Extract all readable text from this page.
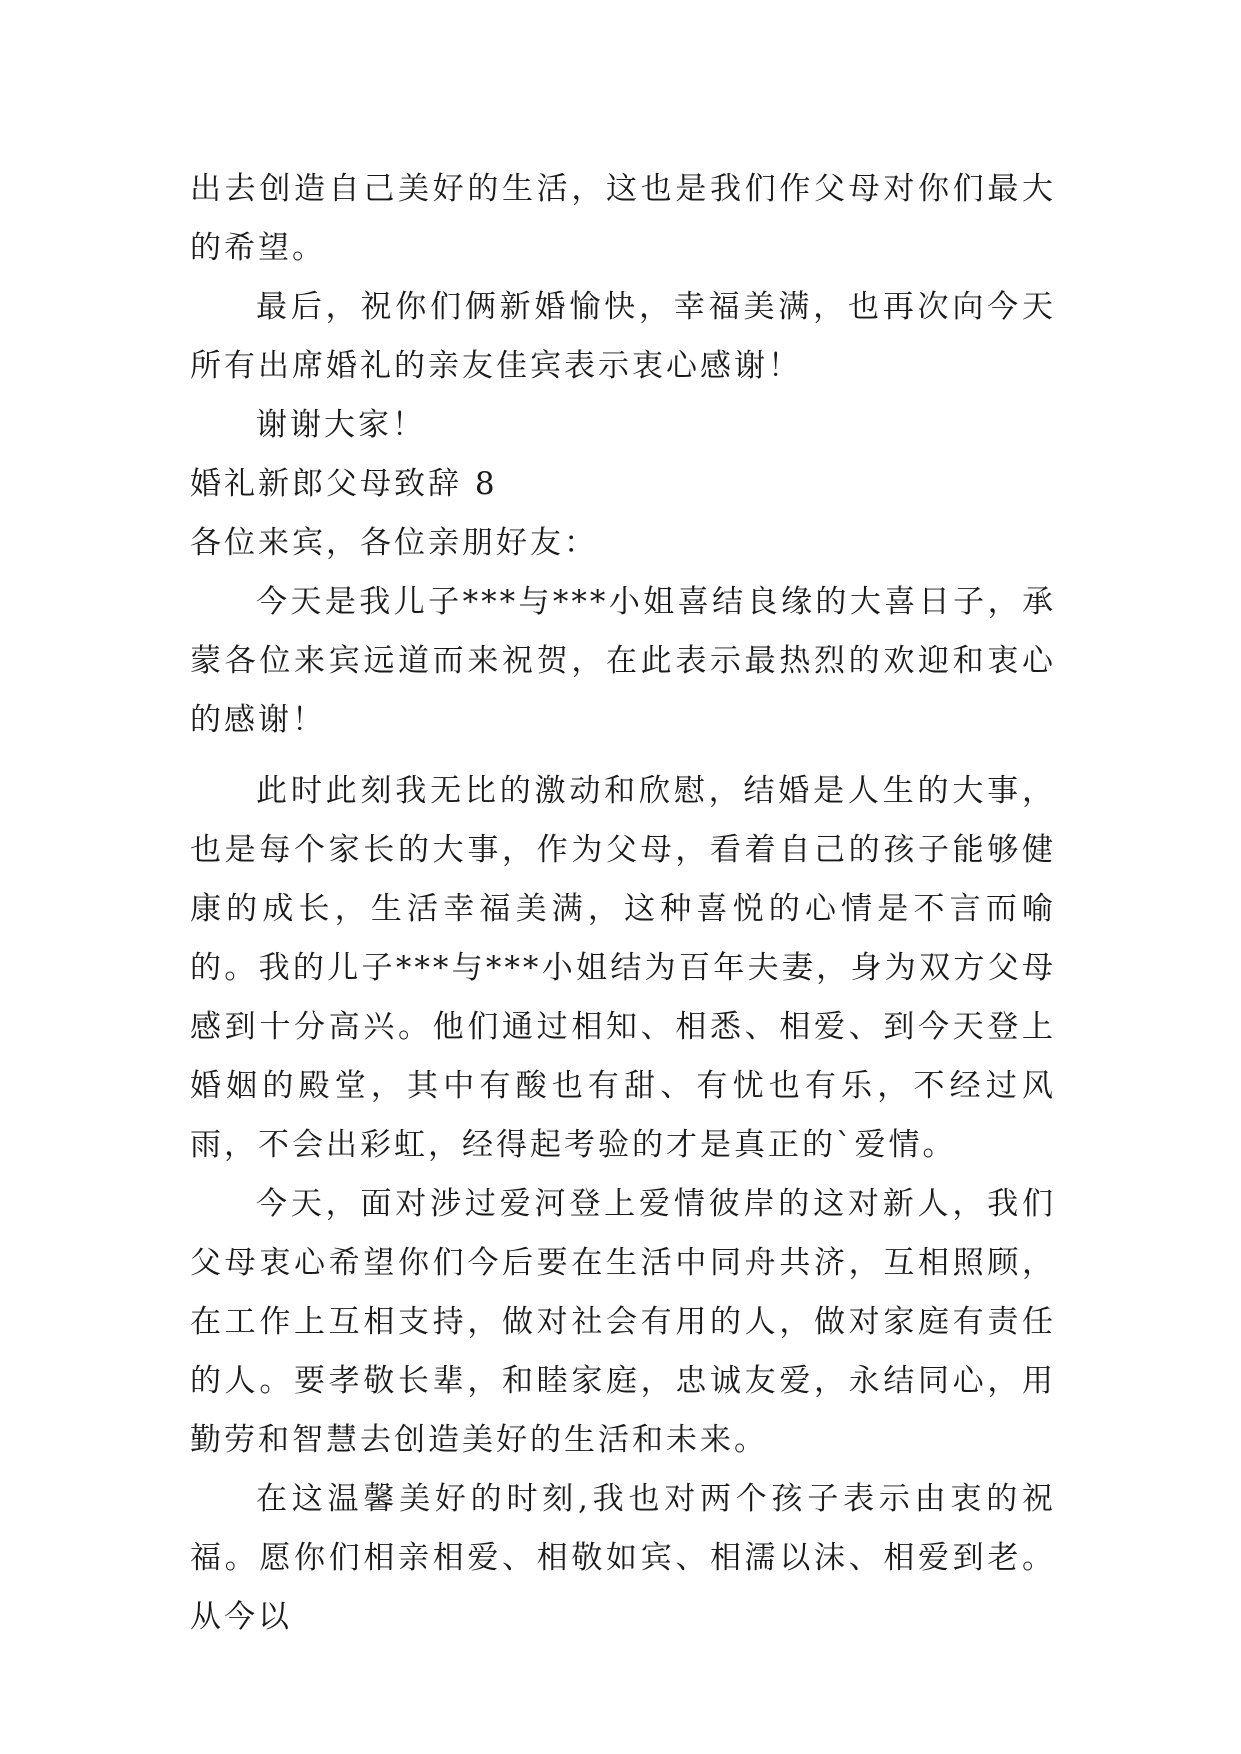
出去创造自己美好的生活，这也是我们作父母对你们最大的希望。

最后，祝你们俩新婚愉快，幸福美满，也再次向今天所有出席婚礼的亲友佳宾表示衷心感谢！

谢谢大家！

婚礼新郎父母致辞 8

各位来宾，各位亲朋好友：

今天是我儿子***与***小姐喜结良缘的大喜日子，承蒙各位来宾远道而来祝贺，在此表示最热烈的欢迎和衷心的感谢！

此时此刻我无比的激动和欣慰，结婚是人生的大事，也是每个家长的大事，作为父母，看着自己的孩子能够健康的成长，生活幸福美满，这种喜悦的心情是不言而喻的。我的儿子***与***小姐结为百年夫妻，身为双方父母感到十分高兴。他们通过相知、相悉、相爱、到今天登上婚姻的殿堂，其中有酸也有甜、有忧也有乐，不经过风雨，不会出彩虹，经得起考验的才是真正的`爱情。

今天，面对涉过爱河登上爱情彼岸的这对新人，我们父母衷心希望你们今后要在生活中同舟共济，互相照顾，在工作上互相支持，做对社会有用的人，做对家庭有责任的人。要孝敬长辈，和睦家庭，忠诚友爱，永结同心，用勤劳和智慧去创造美好的生活和未来。

在这温馨美好的时刻,我也对两个孩子表示由衷的祝福。愿你们相亲相爱、相敬如宾、相濡以沫、相爱到老。从今以
